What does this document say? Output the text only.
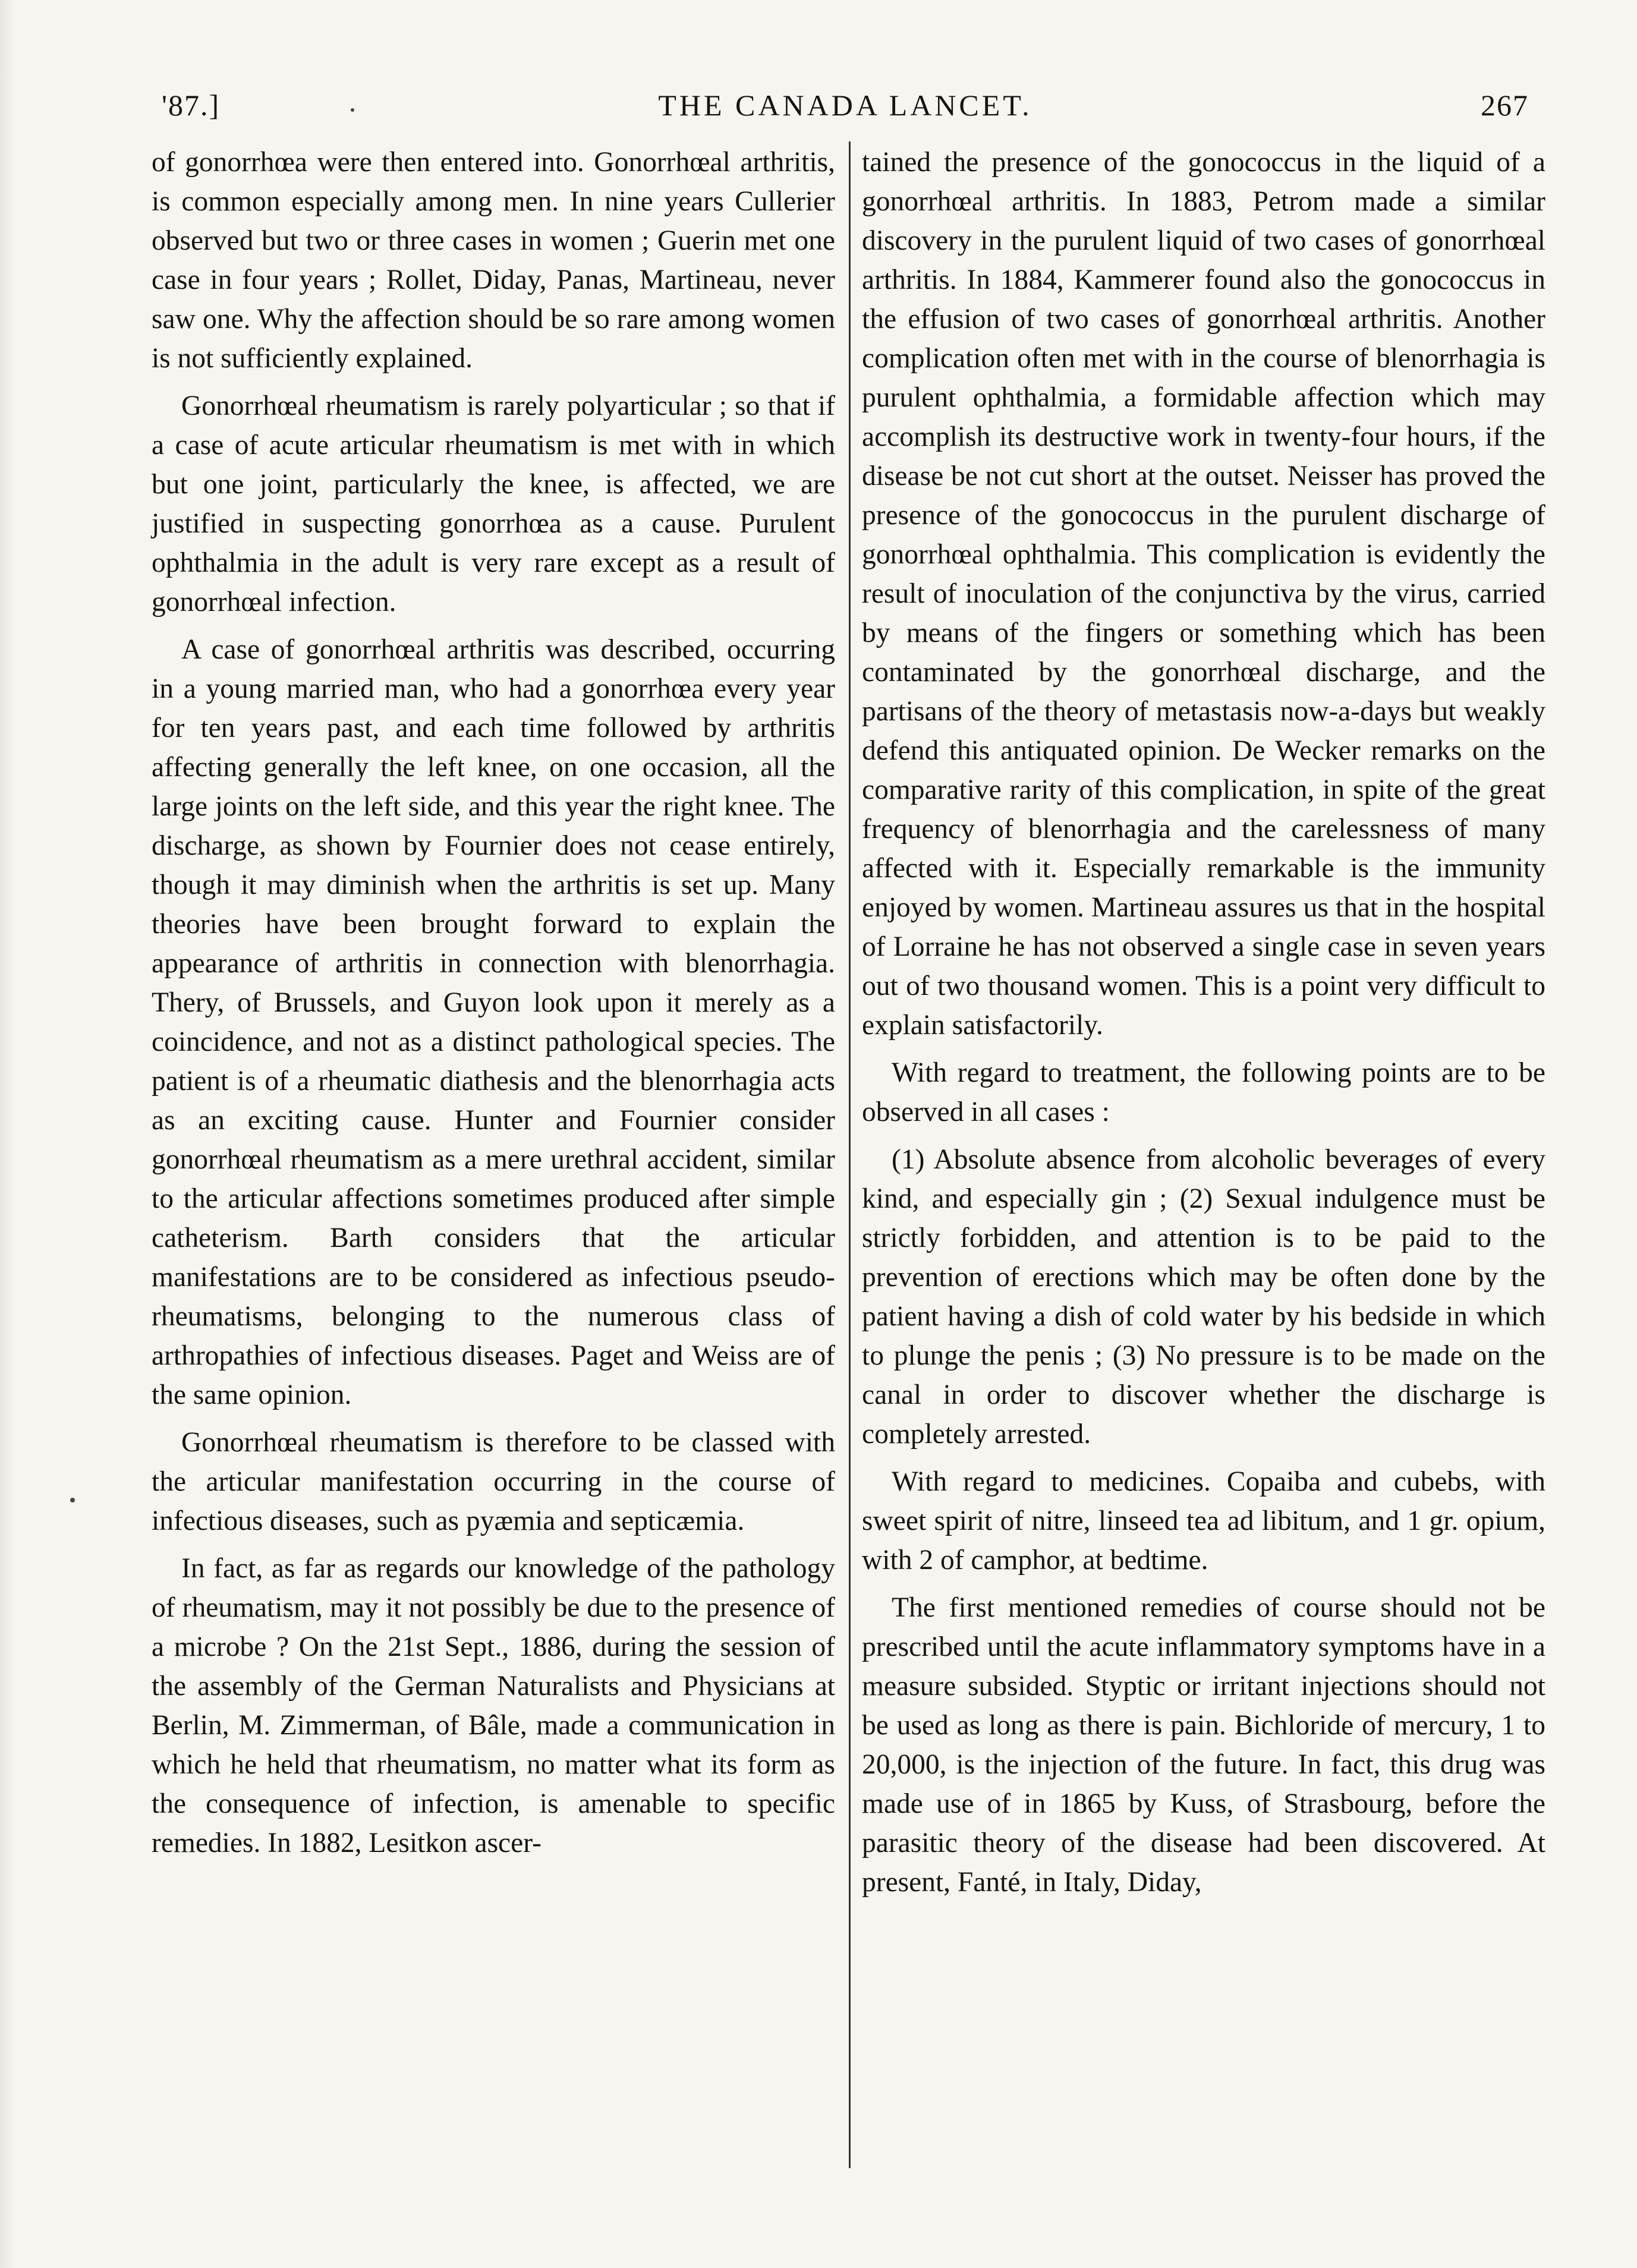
'87.]	THE CANADA LANCET.	267

of gonorrhœa were then entered into. Gonorrhœal arthritis, is common especially among men. In nine years Cullerier observed but two or three cases in women ; Guerin met one case in four years ; Rollet, Diday, Panas, Martineau, never saw one. Why the affection should be so rare among women is not sufficiently explained.

Gonorrhœal rheumatism is rarely polyarticular ; so that if a case of acute articular rheumatism is met with in which but one joint, particularly the knee, is affected, we are justified in suspecting gonorrhœa as a cause. Purulent ophthalmia in the adult is very rare except as a result of gonorrhœal infection.

A case of gonorrhœal arthritis was described, occurring in a young married man, who had a gonorrhœa every year for ten years past, and each time followed by arthritis affecting generally the left knee, on one occasion, all the large joints on the left side, and this year the right knee. The discharge, as shown by Fournier does not cease entirely, though it may diminish when the arthritis is set up. Many theories have been brought forward to explain the appearance of arthritis in connection with blenorrhagia. Thery, of Brussels, and Guyon look upon it merely as a coincidence, and not as a distinct pathological species. The patient is of a rheumatic diathesis and the blenorrhagia acts as an exciting cause. Hunter and Fournier consider gonorrhœal rheumatism as a mere urethral accident, similar to the articular affections sometimes produced after simple catheterism. Barth considers that the articular manifestations are to be considered as infectious pseudo-rheumatisms, belonging to the numerous class of arthropathies of infectious diseases. Paget and Weiss are of the same opinion.

Gonorrhœal rheumatism is therefore to be classed with the articular manifestation occurring in the course of infectious diseases, such as pyæmia and septicæmia.

In fact, as far as regards our knowledge of the pathology of rheumatism, may it not possibly be due to the presence of a microbe ? On the 21st Sept., 1886, during the session of the assembly of the German Naturalists and Physicians at Berlin, M. Zimmerman, of Bâle, made a communication in which he held that rheumatism, no matter what its form as the consequence of infection, is amenable to specific remedies. In 1882, Lesitkon ascer-

tained the presence of the gonococcus in the liquid of a gonorrhœal arthritis. In 1883, Petrom made a similar discovery in the purulent liquid of two cases of gonorrhœal arthritis. In 1884, Kammerer found also the gonococcus in the effusion of two cases of gonorrhœal arthritis. Another complication often met with in the course of blenorrhagia is purulent ophthalmia, a formidable affection which may accomplish its destructive work in twenty-four hours, if the disease be not cut short at the outset. Neisser has proved the presence of the gonococcus in the purulent discharge of gonorrhœal ophthalmia. This complication is evidently the result of inoculation of the conjunctiva by the virus, carried by means of the fingers or something which has been contaminated by the gonorrhœal discharge, and the partisans of the theory of metastasis now-a-days but weakly defend this antiquated opinion. De Wecker remarks on the comparative rarity of this complication, in spite of the great frequency of blenorrhagia and the carelessness of many affected with it. Especially remarkable is the immunity enjoyed by women. Martineau assures us that in the hospital of Lorraine he has not observed a single case in seven years out of two thousand women. This is a point very difficult to explain satisfactorily.

With regard to treatment, the following points are to be observed in all cases :

(1) Absolute absence from alcoholic beverages of every kind, and especially gin ; (2) Sexual indulgence must be strictly forbidden, and attention is to be paid to the prevention of erections which may be often done by the patient having a dish of cold water by his bedside in which to plunge the penis ; (3) No pressure is to be made on the canal in order to discover whether the discharge is completely arrested.

With regard to medicines. Copaiba and cubebs, with sweet spirit of nitre, linseed tea ad libitum, and 1 gr. opium, with 2 of camphor, at bedtime.

The first mentioned remedies of course should not be prescribed until the acute inflammatory symptoms have in a measure subsided. Styptic or irritant injections should not be used as long as there is pain. Bichloride of mercury, 1 to 20,000, is the injection of the future. In fact, this drug was made use of in 1865 by Kuss, of Strasbourg, before the parasitic theory of the disease had been discovered. At present, Fanté, in Italy, Diday,
